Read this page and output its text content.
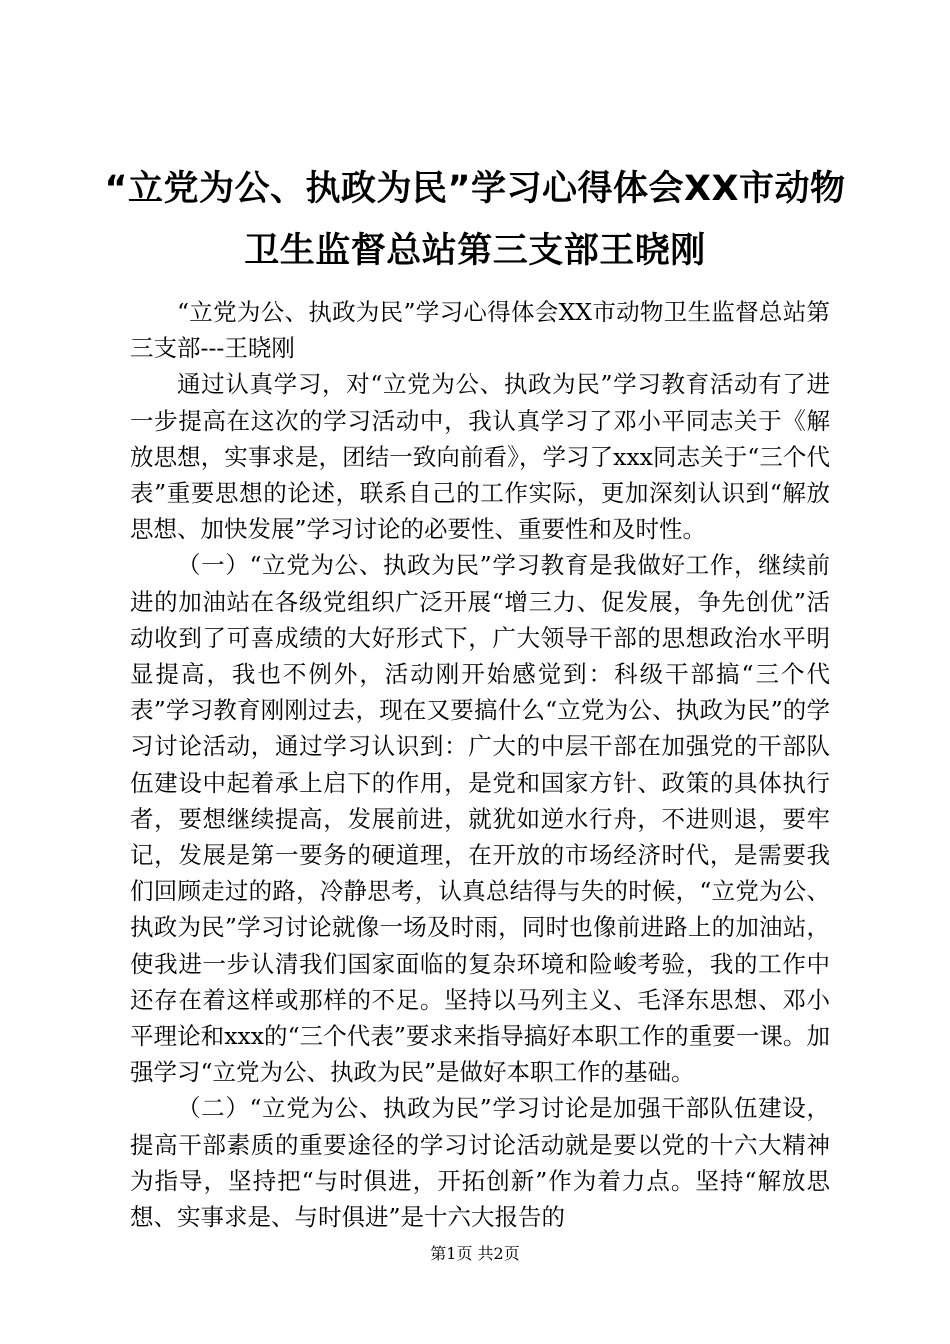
“立党为公、执政为民”学习心得体会XX市动物卫生监督总站第三支部王晓刚

“立党为公、执政为民”学习心得体会XX市动物卫生监督总站第三支部---王晓刚

通过认真学习，对“立党为公、执政为民”学习教育活动有了进一步提高在这次的学习活动中，我认真学习了邓小平同志关于《解放思想，实事求是，团结一致向前看》，学习了xxx同志关于“三个代表”重要思想的论述，联系自己的工作实际，更加深刻认识到“解放思想、加快发展”学习讨论的必要性、重要性和及时性。

（一）“立党为公、执政为民”学习教育是我做好工作，继续前进的加油站在各级党组织广泛开展“增三力、促发展，争先创优”活动收到了可喜成绩的大好形式下，广大领导干部的思想政治水平明显提高，我也不例外，活动刚开始感觉到：科级干部搞“三个代表”学习教育刚刚过去，现在又要搞什么“立党为公、执政为民”的学习讨论活动，通过学习认识到：广大的中层干部在加强党的干部队伍建设中起着承上启下的作用，是党和国家方针、政策的具体执行者，要想继续提高，发展前进，就犹如逆水行舟，不进则退，要牢记，发展是第一要务的硬道理，在开放的市场经济时代，是需要我们回顾走过的路，冷静思考，认真总结得与失的时候，“立党为公、执政为民”学习讨论就像一场及时雨，同时也像前进路上的加油站，使我进一步认清我们国家面临的复杂环境和险峻考验，我的工作中还存在着这样或那样的不足。坚持以马列主义、毛泽东思想、邓小平理论和xxx的“三个代表”要求来指导搞好本职工作的重要一课。加强学习“立党为公、执政为民”是做好本职工作的基础。

（二）“立党为公、执政为民”学习讨论是加强干部队伍建设，提高干部素质的重要途径的学习讨论活动就是要以党的十六大精神为指导，坚持把“与时俱进，开拓创新”作为着力点。坚持“解放思想、实事求是、与时俱进”是十六大报告的

第1页 共2页
